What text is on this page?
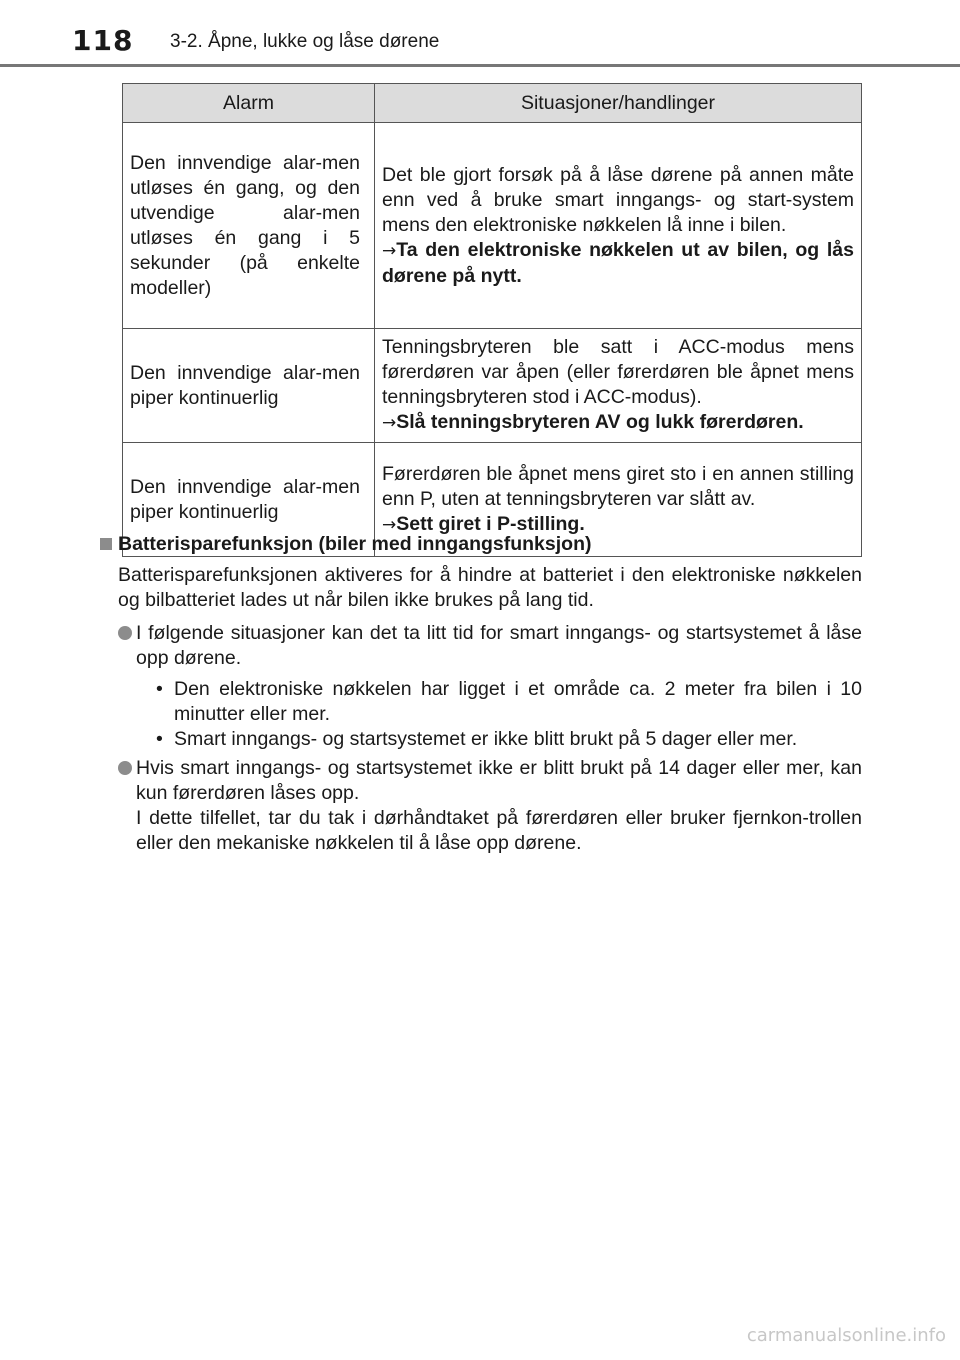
118 3-2. Åpne, lukke og låse dørene
Alarm	Situasjoner/handlinger
Den innvendige alar-men utløses én gang, og den utvendige alar-men utløses én gang i 5 sekunder (på enkelte modeller)	Det ble gjort forsøk på å låse dørene på annen måte enn ved å bruke smart inngangs- og start-system mens den elektroniske nøkkelen lå inne i bilen.
→Ta den elektroniske nøkkelen ut av bilen, og lås dørene på nytt.
Den innvendige alar-men piper kontinuerlig	Tenningsbryteren ble satt i ACC-modus mens førerdøren var åpen (eller førerdøren ble åpnet mens tenningsbryteren stod i ACC-modus).
→Slå tenningsbryteren AV og lukk førerdøren.
Den innvendige alar-men piper kontinuerlig	Førerdøren ble åpnet mens giret sto i en annen stilling enn P, uten at tenningsbryteren var slått av.
→Sett giret i P-stilling.
Batterisparefunksjon (biler med inngangsfunksjon)
Batterisparefunksjonen aktiveres for å hindre at batteriet i den elektroniske nøkkelen og bilbatteriet lades ut når bilen ikke brukes på lang tid.
I følgende situasjoner kan det ta litt tid for smart inngangs- og startsystemet å låse opp dørene.
• Den elektroniske nøkkelen har ligget i et område ca. 2 meter fra bilen i 10 minutter eller mer.
• Smart inngangs- og startsystemet er ikke blitt brukt på 5 dager eller mer.
Hvis smart inngangs- og startsystemet ikke er blitt brukt på 14 dager eller mer, kan kun førerdøren låses opp.
I dette tilfellet, tar du tak i dørhåndtaket på førerdøren eller bruker fjernkon-trollen eller den mekaniske nøkkelen til å låse opp dørene.
carmanualsonline.info
